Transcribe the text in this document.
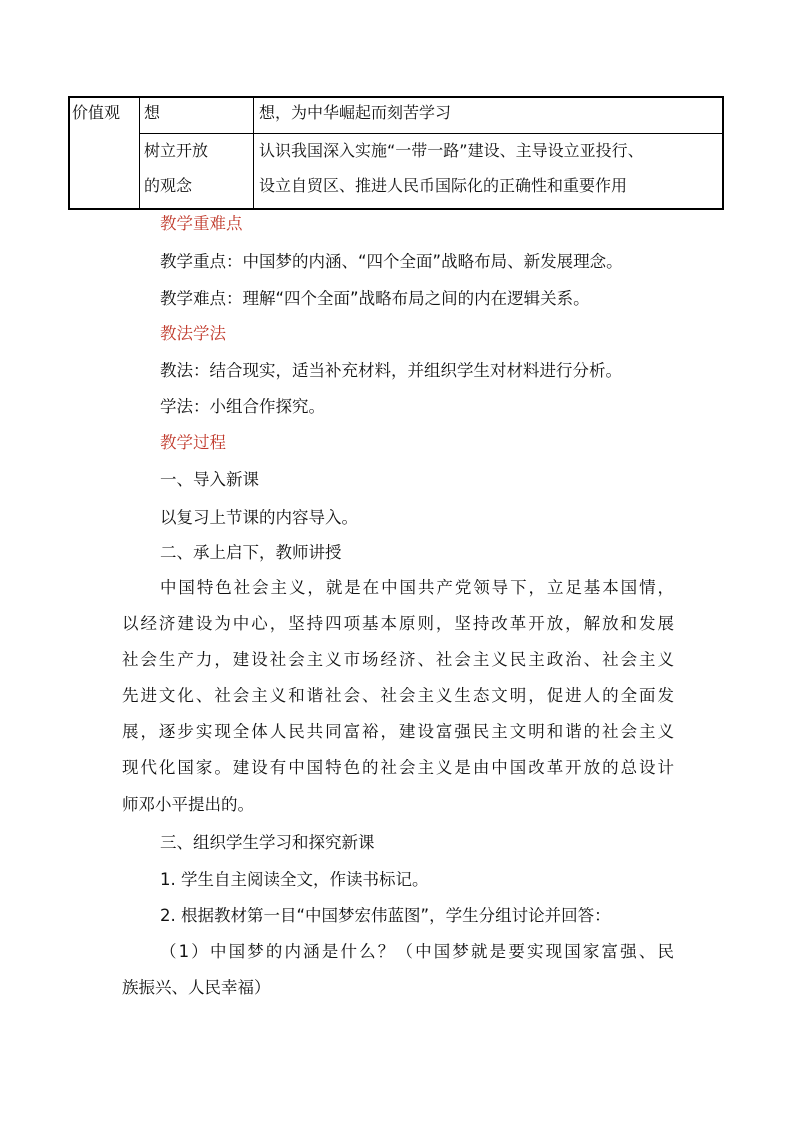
价值观 想	想，为中华崛起而刻苦学习
树立开放
的观念
认识我国深入实施“一带一路”建设、主导设立亚投行、
设立自贸区、推进人民币国际化的正确性和重要作用
教学重难点
教学重点：中国梦的内涵、“四个全面”战略布局、新发展理念。
教学难点：理解“四个全面”战略布局之间的内在逻辑关系。
教法学法
教法：结合现实，适当补充材料，并组织学生对材料进行分析。
学法：小组合作探究。
教学过程
一、导入新课
以复习上节课的内容导入。
二、承上启下，教师讲授
中国特色社会主义，就是在中国共产党领导下，立足基本国情，
以经济建设为中心，坚持四项基本原则，坚持改革开放，解放和发展
社会生产力，建设社会主义市场经济、社会主义民主政治、社会主义
先进文化、社会主义和谐社会、社会主义生态文明，促进人的全面发
展，逐步实现全体人民共同富裕，建设富强民主文明和谐的社会主义
现代化国家。建设有中国特色的社会主义是由中国改革开放的总设计
师邓小平提出的。
三、组织学生学习和探究新课
1. 学生自主阅读全文，作读书标记。
2. 根据教材第一目“中国梦宏伟蓝图”，学生分组讨论并回答：
（1）中国梦的内涵是什么？（中国梦就是要实现国家富强、民
族振兴、人民幸福）
